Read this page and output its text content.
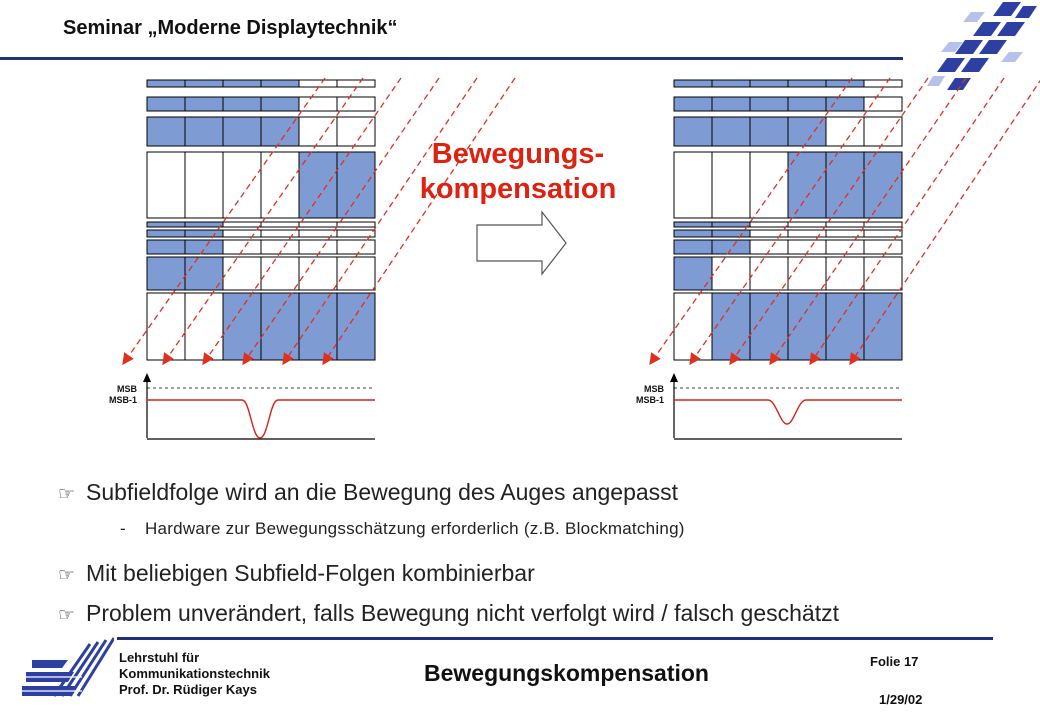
Seminar „Moderne Displaytechnik“
MSB
MSB-1
MSB
MSB-1
Bewegungs-
kompensation
☞ Subfieldfolge wird an die Bewegung des Auges angepasst
- Hardware zur Bewegungsschätzung erforderlich (z.B. Blockmatching)
☞ Mit beliebigen Subfield-Folgen kombinierbar
☞ Problem unverändert, falls Bewegung nicht verfolgt wird / falsch geschätzt
Lehrstuhl für
Kommunikationstechnik
Prof. Dr. Rüdiger Kays
Bewegungskompensation	Folie 17
1/29/02
